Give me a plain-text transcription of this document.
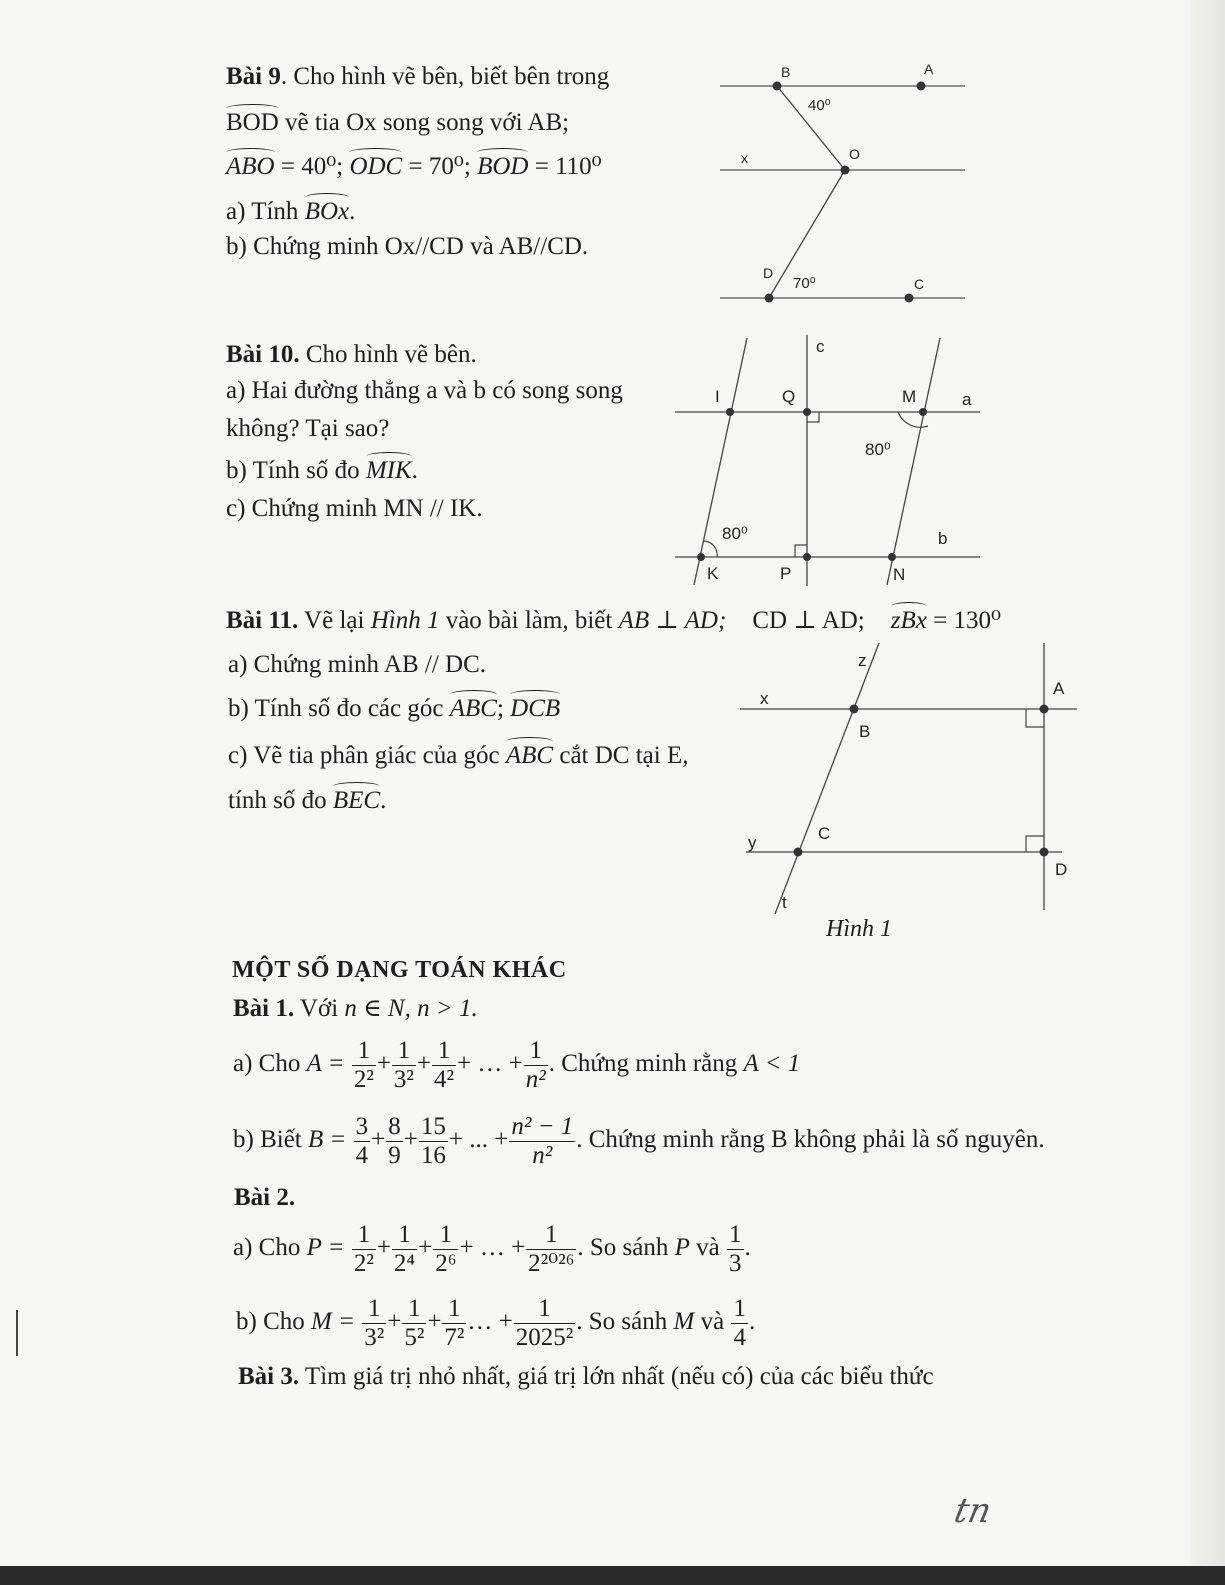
Bài 9. Cho hình vẽ bên, biết bên trong
BOD vẽ tia Ox song song với AB;
ABO = 40⁰; ODC = 70⁰; BOD = 110⁰
a) Tính BOx.
b) Chứng minh Ox//CD và AB//CD.
B	A
x	O
D
C
40⁰
70⁰
Bài 10. Cho hình vẽ bên.
a) Hai đường thẳng a và b có song song
không? Tại sao?
b) Tính số đo MIK.
c) Chứng minh MN // IK.
c
I	Q	M	a
80⁰
80⁰	b
K	P	N
Bài 11. Vẽ lại Hình 1 vào bài làm, biết AB ⊥ AD; CD ⊥ AD; zBx = 130⁰
a) Chứng minh AB // DC.
b) Tính số đo các góc ABC; DCB
c) Vẽ tia phân giác của góc ABC cắt DC tại E,
tính số đo BEC.
z
x
A
B
y	C
D
t
Hình 1
MỘT SỐ DẠNG TOÁN KHÁC
Bài 1. Với n ∈ N, n > 1.
a) Cho $A = \frac{1}{\text{2²}} + \frac{1}{\text{3²}} + \frac{1}{\text{4²}}$ + … + $\frac{1}{\text{n²}}$ . Chứng minh rằng A < 1
b) Biết $B = \frac{3}{4} + \frac{8}{9} + \frac{15}{16}$ + ... + $\frac{\text{n² − 1}}{\text{n²}}$ . Chứng minh rằng B không phải là số nguyên.
Bài 2.
a) Cho $P = \frac{1}{\text{2²}} + \frac{1}{\text{2⁴}} + \frac{1}{\text{2⁶}}$ + … + $\frac{1}{\text{2²⁰²⁶}}$ . So sánh P và $\frac{1}{3}$ .
b) Cho $M = \frac{1}{\text{3²}} + \frac{1}{\text{5²}} + \frac{1}{\text{7²}}$ … + $\frac{1}{\text{2025²}}$ . So sánh M và $\frac{1}{4}$ .
Bài 3. Tìm giá trị nhỏ nhất, giá trị lớn nhất (nếu có) của các biểu thức
tn
